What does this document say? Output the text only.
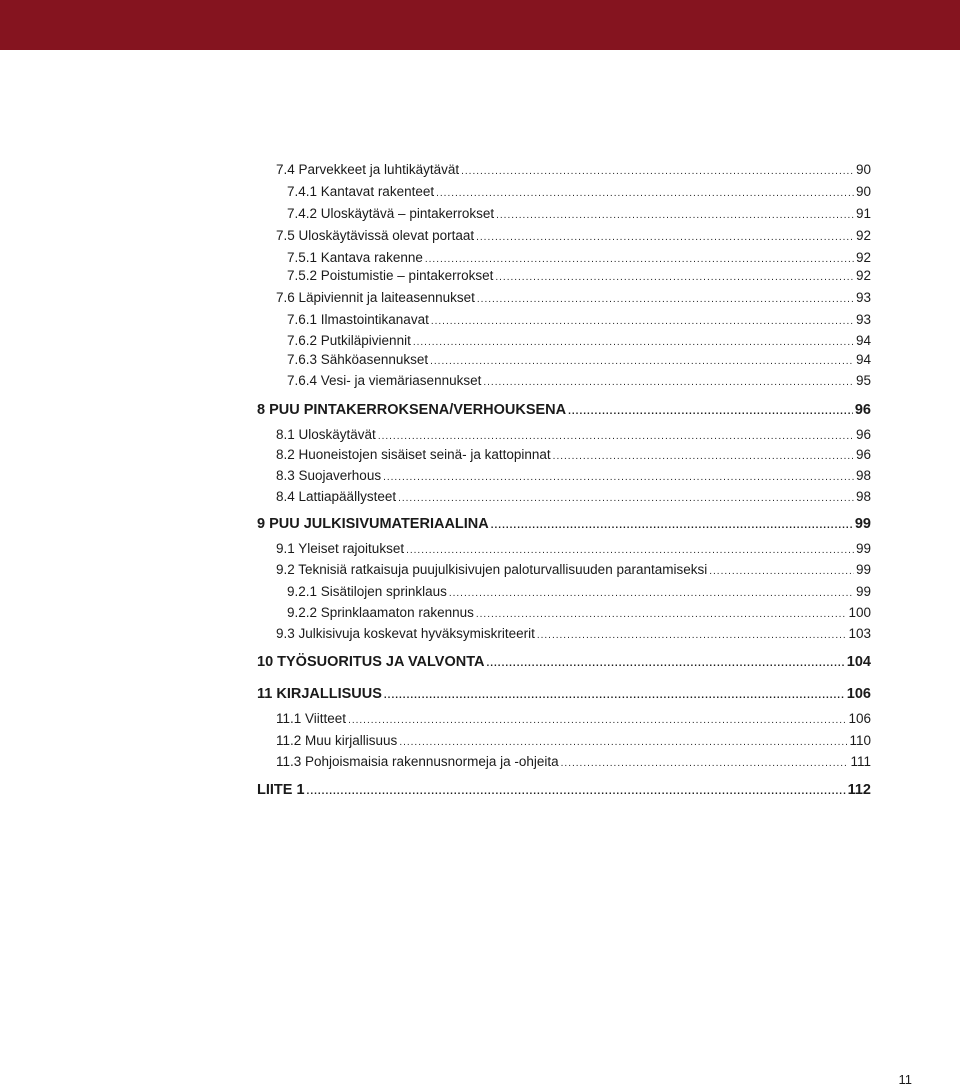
7.4 Parvekkeet ja luhtikäytävät .....	90
7.4.1 Kantavat rakenteet .....	90
7.4.2 Uloskäytävä – pintakerrokset .....	91
7.5 Uloskäytävissä olevat portaat .....	92
7.5.1 Kantava rakenne .....	92
7.5.2 Poistumistie – pintakerrokset .....	92
7.6 Läpiviennit ja laiteasennukset .....	93
7.6.1 Ilmastointikanavat .....	93
7.6.2 Putkiläpiviennit .....	94
7.6.3 Sähköasennukset .....	94
7.6.4 Vesi- ja viemäriasennukset .....	95
8 PUU PINTAKERROKSENA/VERHOUKSENA .....	96
8.1 Uloskäytävät .....	96
8.2 Huoneistojen sisäiset seinä- ja kattopinnat .....	96
8.3 Suojaverhous .....	98
8.4 Lattiapäällysteet .....	98
9 PUU JULKISIVUMATERIAALINA .....	99
9.1 Yleiset rajoitukset .....	99
9.2 Teknisiä ratkaisuja puujulkisivujen paloturvallisuuden parantamiseksi .....	99
9.2.1 Sisätilojen sprinklaus .....	99
9.2.2 Sprinklaamaton rakennus .....	100
9.3 Julkisivuja koskevat hyväksymiskriteerit .....	103
10 TYÖSUORITUS JA VALVONTA .....	104
11 KIRJALLISUUS .....	106
11.1 Viitteet .....	106
11.2 Muu kirjallisuus .....	110
11.3 Pohjoismaisia rakennusnormeja ja -ohjeita .....	111
LIITE 1 .....	112
11
